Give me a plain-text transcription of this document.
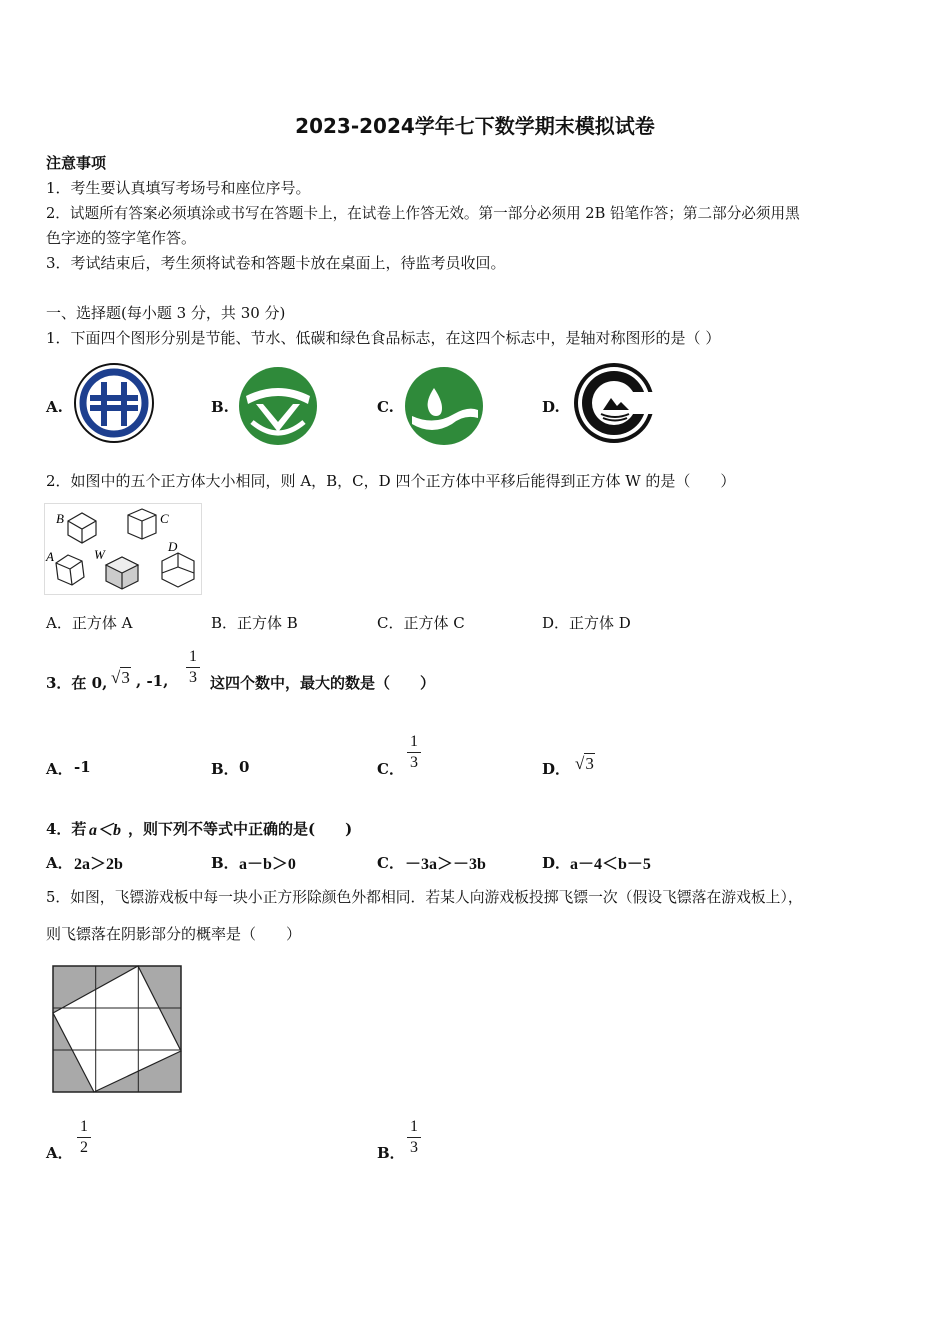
2023-2024学年七下数学期末模拟试卷
注意事项
1．考生要认真填写考场号和座位序号。
2．试题所有答案必须填涂或书写在答题卡上，在试卷上作答无效。第一部分必须用 2B 铅笔作答；第二部分必须用黑
色字迹的签字笔作答。
3．考试结束后，考生须将试卷和答题卡放在桌面上，待监考员收回。
一、选择题(每小题 3 分，共 30 分)
1．下面四个图形分别是节能、节水、低碳和绿色食品标志，在这四个标志中，是轴对称图形的是（ ）
A.	B.	C.	D.
2．如图中的五个正方体大小相同，则 A，B，C，D 四个正方体中平移后能得到正方体 W 的是（　　）
B	C
A	W
D
A．正方体 A	B．正方体 B	C．正方体 C	D．正方体 D
3．在 0, √3 , -1,
1
3 这四个数中，最大的数是（　　）
A． -1	B． 0	C．
1
3	D． √3
4．若 a＜b ，则下列不等式中正确的是(　　)
A． 2a＞2b	B． a－b＞0	C． －3a＞－3b	D． a－4＜b－5
5．如图，飞镖游戏板中每一块小正方形除颜色外都相同．若某人向游戏板投掷飞镖一次（假设飞镖落在游戏板上），
则飞镖落在阴影部分的概率是（　　）
A．
1
2	B．
1
3
